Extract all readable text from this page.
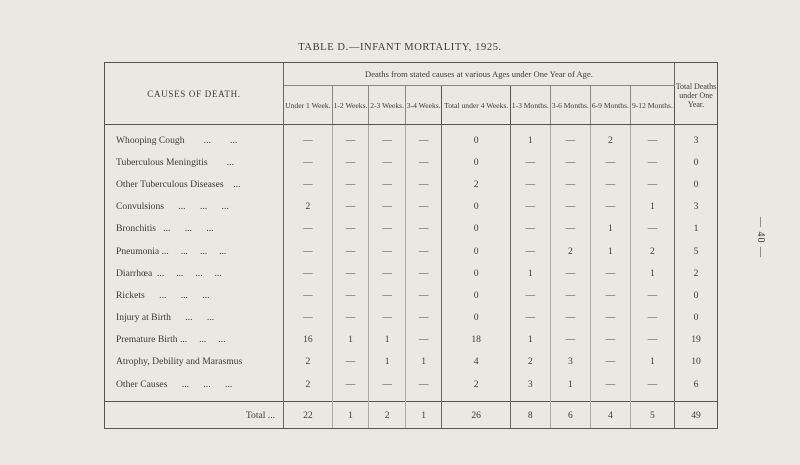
TABLE D.—INFANT MORTALITY, 1925.
— 40 —
CAUSES OF DEATH.	Deaths from stated causes at various Ages under One Year of Age.									Total Deaths under One Year.
	Under 1 Week.	1-2 Weeks.	2-3 Weeks.	3-4 Weeks.	Total under 4 Weeks.	1-3 Months.	3-6 Months.	6-9 Months.	9-12 Months.	
Whooping Cough        ...        ...	—	—	—	—	0	1	—	2	—	3
Tuberculous Meningitis        ...	—	—	—	—	0	—	—	—	—	0
Other Tuberculous Diseases    ...	—	—	—	—	2	—	—	—	—	0
Convulsions      ...      ...      ...	2	—	—	—	0	—	—	—	1	3
Bronchitis   ...      ...      ...	—	—	—	—	0	—	—	1	—	1
Pneumonia ...     ...     ...     ...	—	—	—	—	0	—	2	1	2	5
Diarrhœa  ...     ...     ...     ...	—	—	—	—	0	1	—	—	1	2
Rickets      ...      ...      ...	—	—	—	—	0	—	—	—	—	0
Injury at Birth      ...      ...	—	—	—	—	0	—	—	—	—	0
Premature Birth ...     ...     ...	16	1	1	—	18	1	—	—	—	19
Atrophy, Debility and Marasmus	2	—	1	1	4	2	3	—	1	10
Other Causes      ...      ...      ...	2	—	—	—	2	3	1	—	—	6

Total ...	22	1	2	1	26	8	6	4	5	49
